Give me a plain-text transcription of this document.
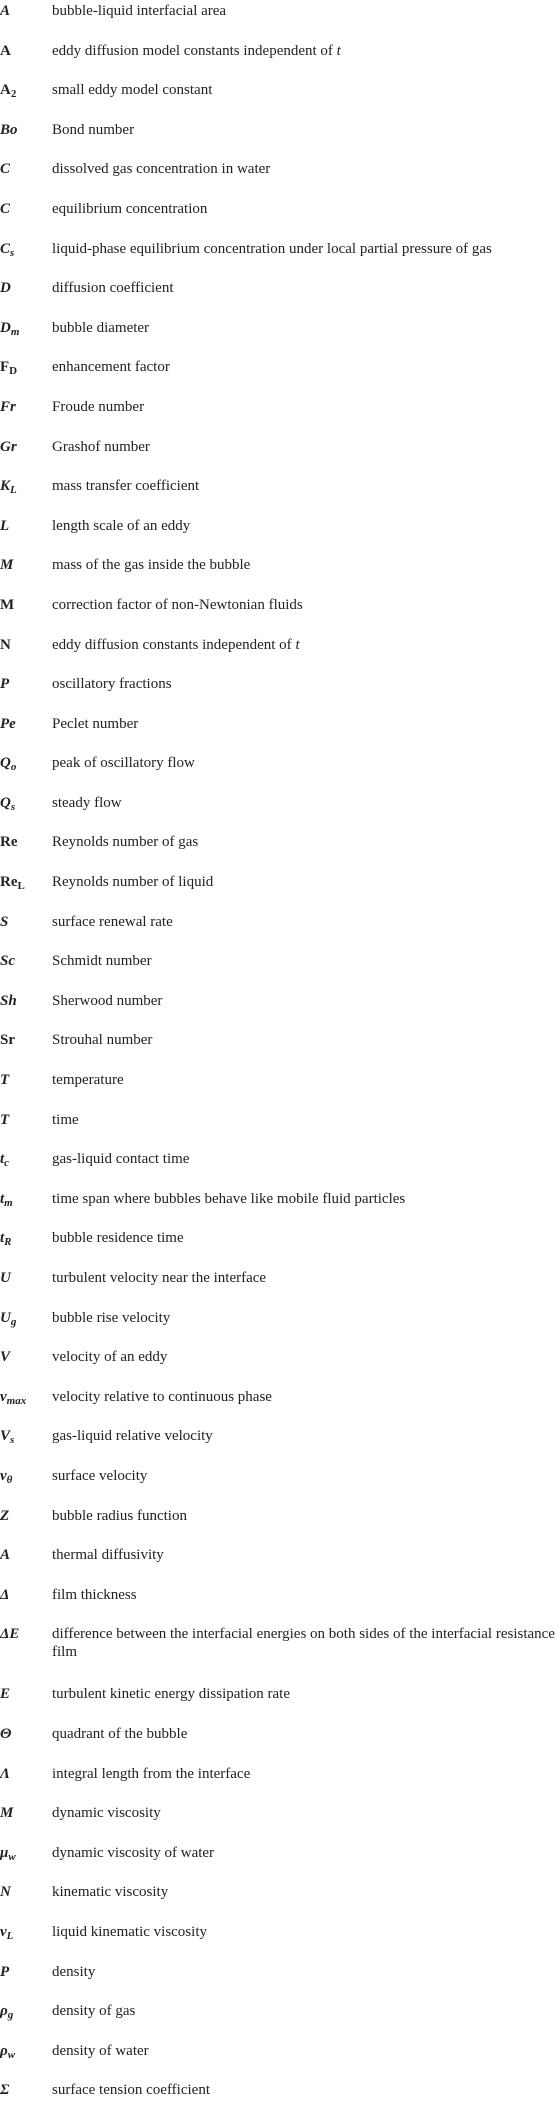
A	bubble-liquid interfacial area
A	eddy diffusion model constants independent of t
$A_2$	small eddy model constant
Bo	Bond number
C	dissolved gas concentration in water
C	equilibrium concentration
$C_s$	liquid-phase equilibrium concentration under local partial pressure of gas
D	diffusion coefficient
$D_m$	bubble diameter
$F_D$	enhancement factor
Fr	Froude number
Gr	Grashof number
$K_L$	mass transfer coefficient
L	length scale of an eddy
M	mass of the gas inside the bubble
M	correction factor of non-Newtonian fluids
N	eddy diffusion constants independent of t
P	oscillatory fractions
Pe	Peclet number
$Q_o$	peak of oscillatory flow
$Q_s$	steady flow
Re	Reynolds number of gas
$Re_L$	Reynolds number of liquid
S	surface renewal rate
Sc	Schmidt number
Sh	Sherwood number
Sr	Strouhal number
T	temperature
T	time
$t_c$	gas-liquid contact time
$t_m$	time span where bubbles behave like mobile fluid particles
$t_R$	bubble residence time
U	turbulent velocity near the interface
$U_g$	bubble rise velocity
V	velocity of an eddy
$v_{max}$	velocity relative to continuous phase
$V_s$	gas-liquid relative velocity
$v_\theta$	surface velocity
Z	bubble radius function
Α	thermal diffusivity
Δ	film thickness
ΔE	difference between the interfacial energies on both sides of the interfacial resistance film
Ε	turbulent kinetic energy dissipation rate
Θ	quadrant of the bubble
Λ	integral length from the interface
Μ	dynamic viscosity
$\mu_w$	dynamic viscosity of water
Ν	kinematic viscosity
$\nu_L$	liquid kinematic viscosity
Ρ	density
$\rho_g$	density of gas
$\rho_w$	density of water
Σ	surface tension coefficient
